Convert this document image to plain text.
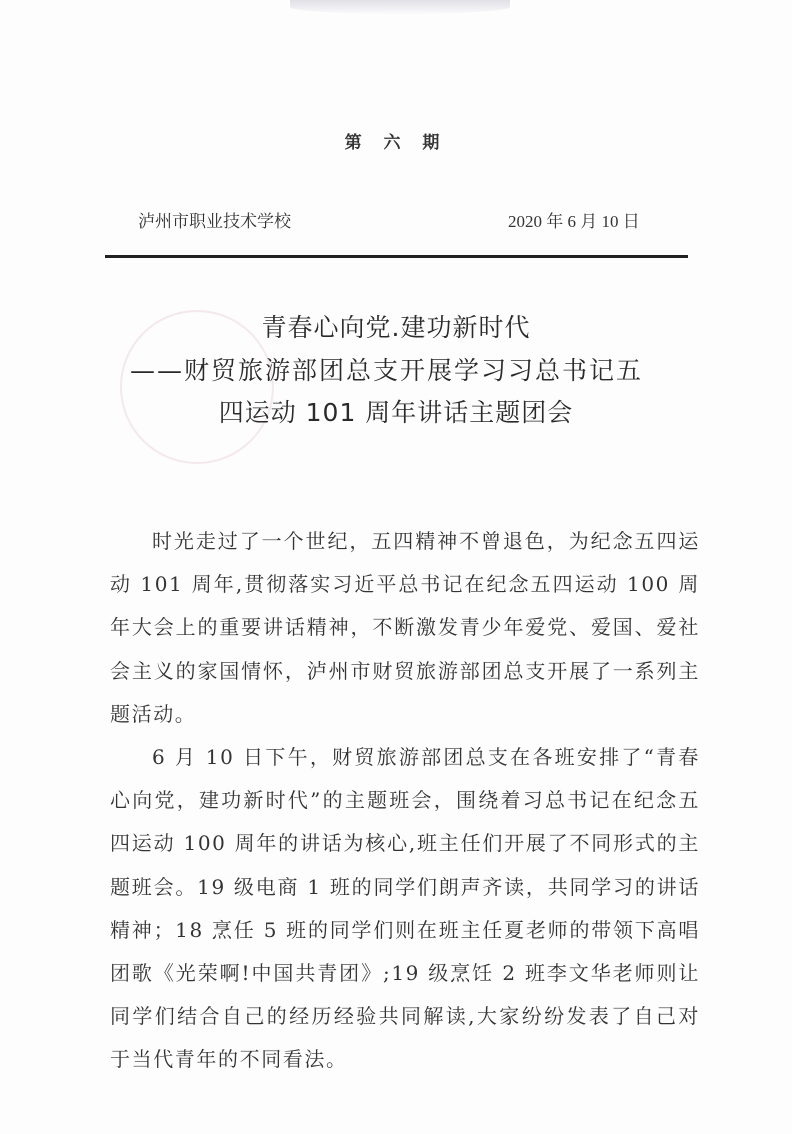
第 六 期
泸州市职业技术学校	2020 年 6 月 10 日
青春心向党.建功新时代
——财贸旅游部团总支开展学习习总书记五
四运动 101 周年讲话主题团会

时光走过了一个世纪，五四精神不曾退色，为纪念五四运动 101 周年,贯彻落实习近平总书记在纪念五四运动 100 周年大会上的重要讲话精神，不断激发青少年爱党、爱国、爱社会主义的家国情怀，泸州市财贸旅游部团总支开展了一系列主题活动。

6 月 10 日下午，财贸旅游部团总支在各班安排了“青春心向党，建功新时代”的主题班会，围绕着习总书记在纪念五四运动 100 周年的讲话为核心,班主任们开展了不同形式的主题班会。19 级电商 1 班的同学们朗声齐读，共同学习的讲话精神；18 烹任 5 班的同学们则在班主任夏老师的带领下高唱团歌《光荣啊!中国共青团》;19 级烹饪 2 班李文华老师则让同学们结合自己的经历经验共同解读,大家纷纷发表了自己对于当代青年的不同看法。
